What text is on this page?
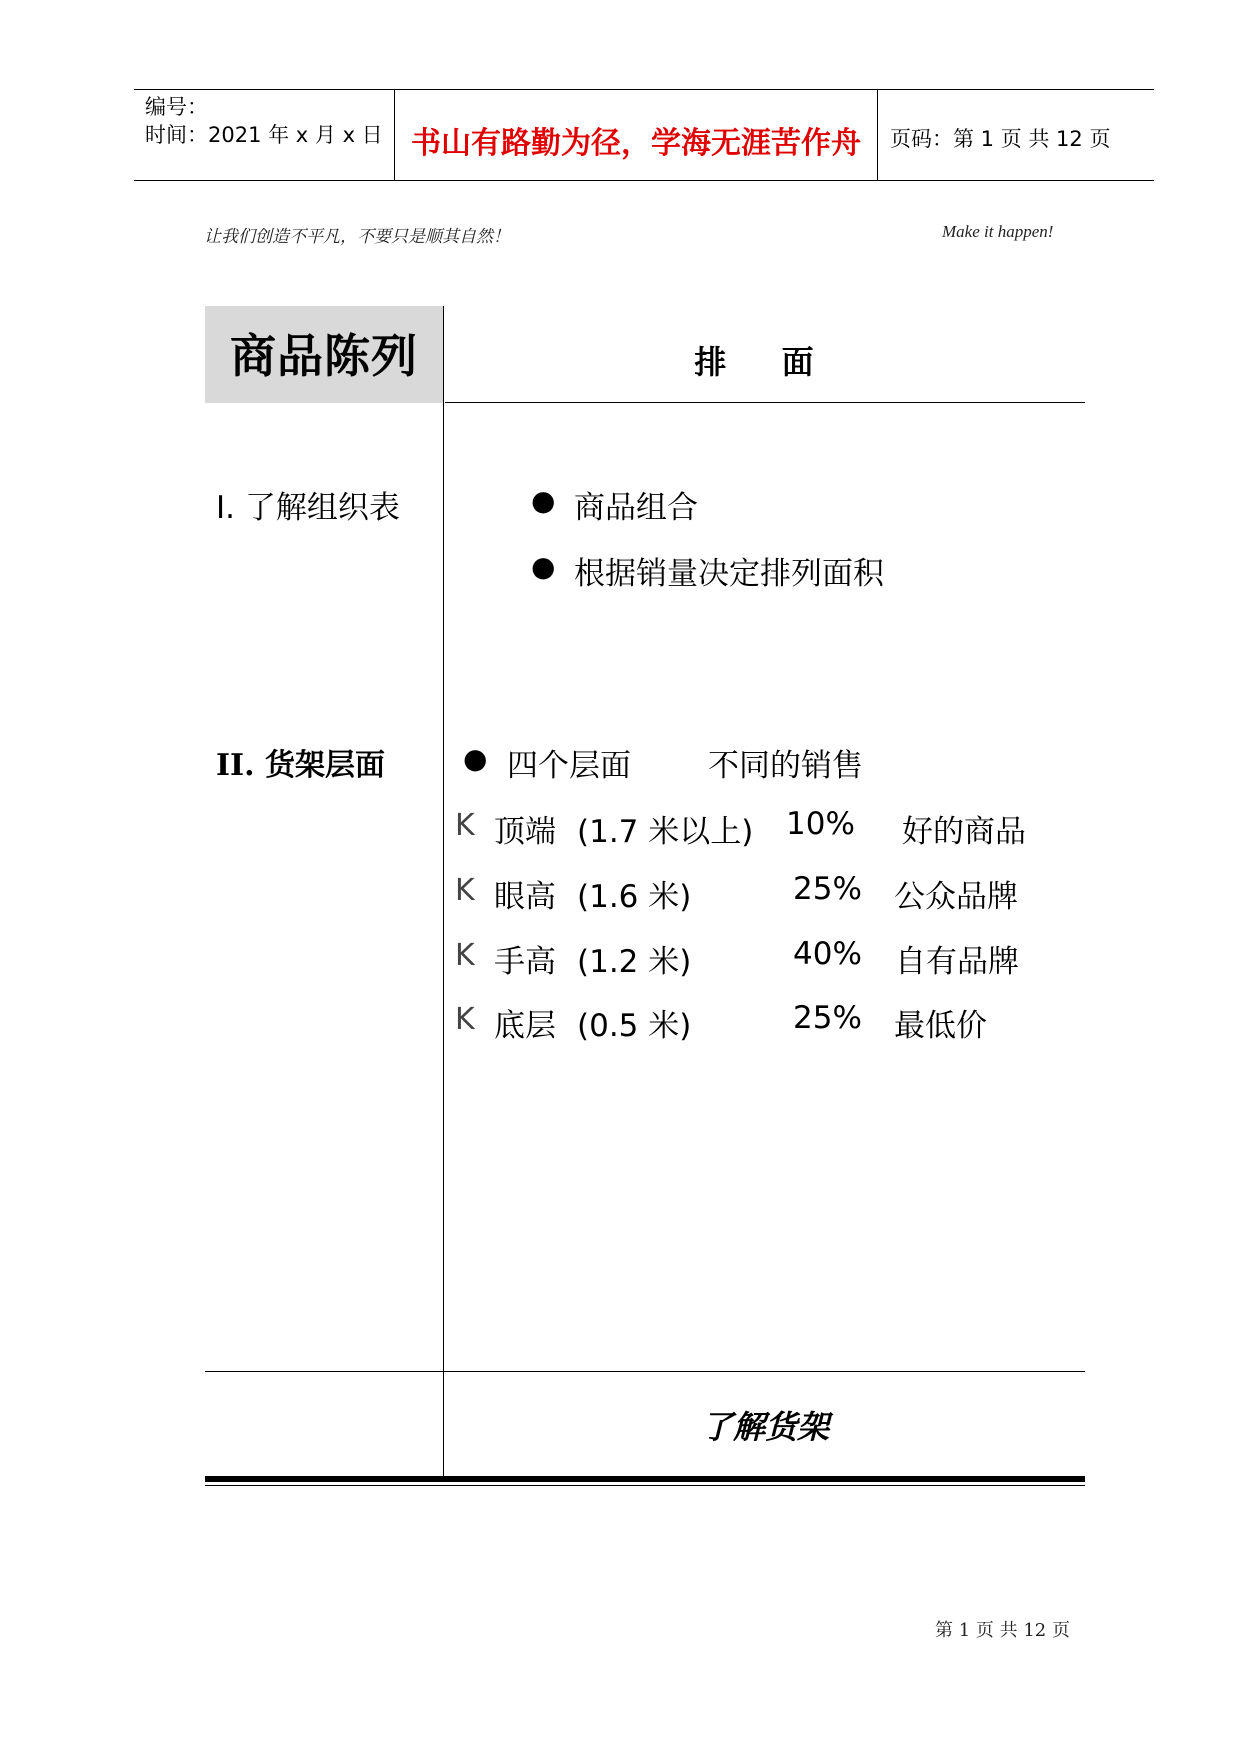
编号：
时间：2021 年 x 月 x 日 书山有路勤为径，学海无涯苦作舟	页码：第 1 页 共 12 页
让我们创造不平凡，不要只是顺其自然！	Make it happen!
商品陈列	排 面
I. 了解组织表	● 商品组合
● 根据销量决定排列面积
II. 货架层面	● 四个层面 不同的销售
K 顶端 (1.7 米以上) 10% 好的商品
K 眼高 (1.6 米)	25% 公众品牌
K 手高 (1.2 米)	40% 自有品牌
K 底层 (0.5 米)	25% 最低价
了解货架
第 1 页 共 12 页
